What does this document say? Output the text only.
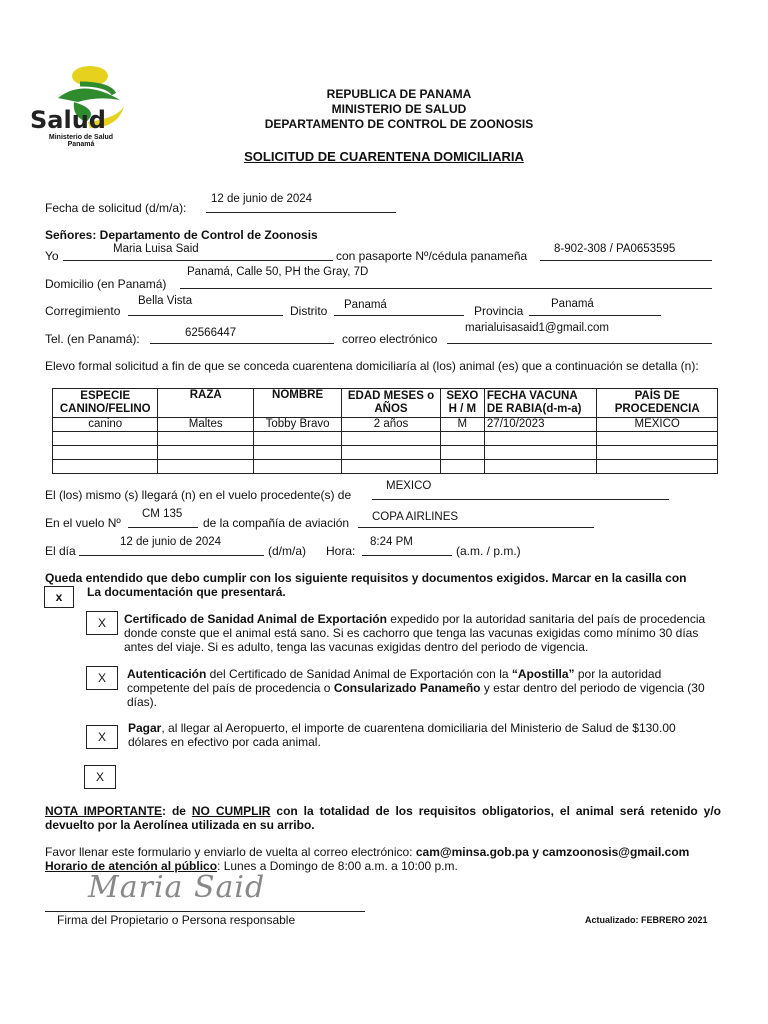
Salud
Ministerio de Salud
Panamá
REPUBLICA DE PANAMA
MINISTERIO DE SALUD
DEPARTAMENTO DE CONTROL DE ZOONOSIS
SOLICITUD DE CUARENTENA DOMICILIARIA
Fecha de solicitud (d/m/a):
12 de junio de 2024
Señores: Departamento de Control de Zoonosis
Yo	Maria Luisa Said	con pasaporte Nº/cédula panameña 8-902-308 / PA0653595
Domicilio (en Panamá)
Panamá, Calle 50, PH the Gray, 7D
Corregimiento
Bella Vista
Distrito Panamá	Provincia Panamá
Tel. (en Panamá):	62566447	correo electrónico
marialuisasaid1@gmail.com
Elevo formal solicitud a fin de que se conceda cuarentena domiciliaría al (los) animal (es) que a continuación se detalla (n):
ESPECIE CANINO/FELINO	RAZA	NOMBRE	EDAD MESES o AÑOS	SEXO H / M	FECHA VACUNA DE RABIA(d-m-a)	PAÍS DE PROCEDENCIA
canino	Maltes	Tobby Bravo	2 años	M	27/10/2023	MEXICO

El (los) mismo (s) llegará (n) en el vuelo procedente(s) de
MEXICO
En el vuelo Nº
CM 135
de la compañía de aviación COPA AIRLINES
El día
12 de junio de 2024
(d/m/a) Hora:
8:24 PM
(a.m. / p.m.)
Queda entendido que debo cumplir con los siguiente requisitos y documentos exigidos. Marcar en la casilla con
x	La documentación que presentará.
X	Certificado de Sanidad Animal de Exportación expedido por la autoridad sanitaria del país de procedencia donde conste que el animal está sano. Si es cachorro que tenga las vacunas exigidas como mínimo 30 días antes del viaje. Si es adulto, tenga las vacunas exigidas dentro del periodo de vigencia.
X	Autenticación del Certificado de Sanidad Animal de Exportación con la “Apostilla” por la autoridad competente del país de procedencia o Consularizado Panameño y estar dentro del periodo de vigencia (30 días).
X
Pagar, al llegar al Aeropuerto, el importe de cuarentena domiciliaria del Ministerio de Salud de $130.00 dólares en efectivo por cada animal.
X
NOTA IMPORTANTE: de NO CUMPLIR con la totalidad de los requisitos obligatorios, el animal será retenido y/o devuelto por la Aerolínea utilizada en su arribo.
Favor llenar este formulario y enviarlo de vuelta al correo electrónico: cam@minsa.gob.pa y camzoonosis@gmail.com
Horario de atención al público: Lunes a Domingo de 8:00 a.m. a 10:00 p.m.
Maria Said
Firma del Propietario o Persona responsable	Actualizado: FEBRERO 2021
